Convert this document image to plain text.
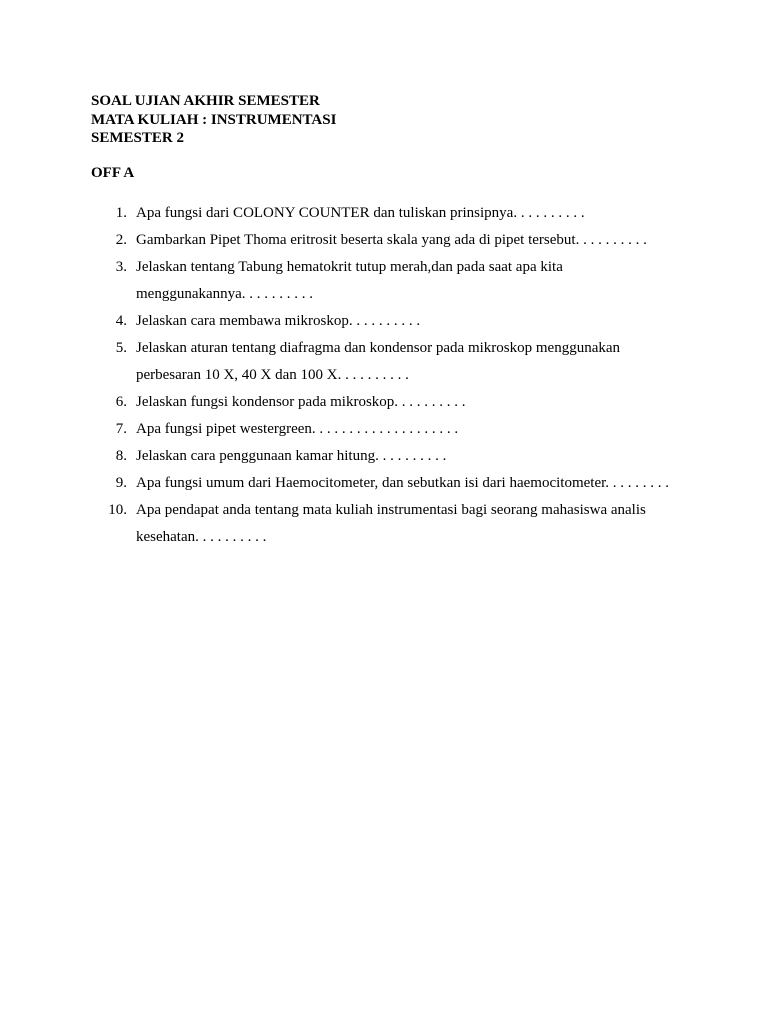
SOAL UJIAN AKHIR SEMESTER
MATA KULIAH : INSTRUMENTASI
SEMESTER 2
OFF A
1. Apa fungsi dari COLONY COUNTER dan tuliskan prinsipnya. . . . . . . . . .
2. Gambarkan Pipet Thoma eritrosit beserta skala yang ada di pipet tersebut. . . . . . . . . .
3. Jelaskan tentang Tabung hematokrit tutup merah,dan pada saat apa kita
menggunakannya. . . . . . . . . .
4. Jelaskan cara membawa mikroskop. . . . . . . . . .
5. Jelaskan aturan tentang diafragma dan kondensor pada mikroskop menggunakan
perbesaran 10 X, 40 X dan 100 X. . . . . . . . . .
6. Jelaskan fungsi kondensor pada mikroskop. . . . . . . . . .
7. Apa fungsi pipet westergreen. . . . . . . . . . . . . . . . . . . .
8. Jelaskan cara penggunaan kamar hitung. . . . . . . . . .
9. Apa fungsi umum dari Haemocitometer, dan sebutkan isi dari haemocitometer. . . . . . . . .
10. Apa pendapat anda tentang mata kuliah instrumentasi bagi seorang mahasiswa analis
kesehatan. . . . . . . . . .
